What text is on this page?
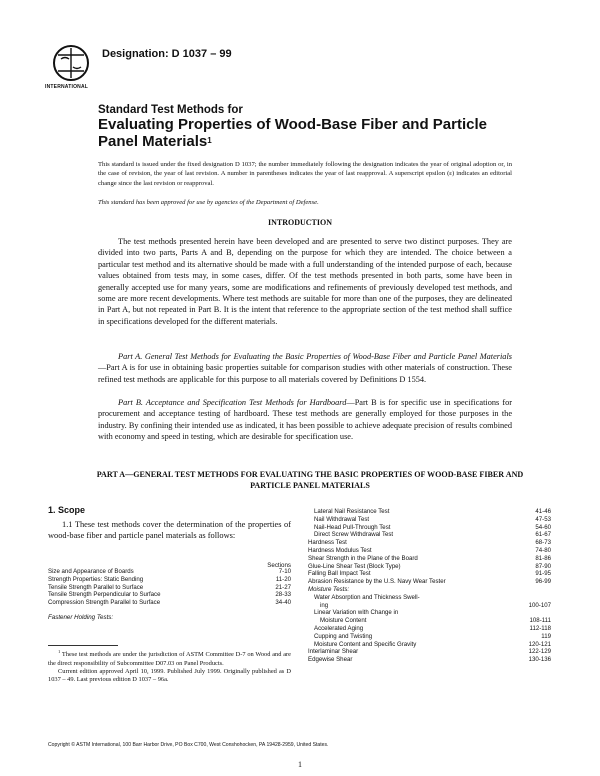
INTERNATIONAL
Designation: D 1037 – 99
Standard Test Methods for
Evaluating Properties of Wood-Base Fiber and Particle Panel Materials$^1$
This standard is issued under the fixed designation D 1037; the number immediately following the designation indicates the year of original adoption or, in the case of revision, the year of last revision. A number in parentheses indicates the year of last reapproval. A superscript epsilon (ε) indicates an editorial change since the last revision or reapproval.
This standard has been approved for use by agencies of the Department of Defense.
INTRODUCTION
The test methods presented herein have been developed and are presented to serve two distinct purposes. They are divided into two parts, Parts A and B, depending on the purpose for which they are intended. The choice between a particular test method and its alternative should be made with a full understanding of the intended purpose of each, because values obtained from tests may, in some cases, differ. Of the test methods presented in both parts, some have been in generally accepted use for many years, some are modifications and refinements of previously developed test methods, and some are more recent developments. Where test methods are suitable for more than one of the purposes, they are delineated in Part A, but not repeated in Part B. It is the intent that reference to the appropriate section of the test method shall suffice in specifications developed for the different materials.
Part A. General Test Methods for Evaluating the Basic Properties of Wood-Base Fiber and Particle Panel Materials—Part A is for use in obtaining basic properties suitable for comparison studies with other materials of construction. These refined test methods are applicable for this purpose to all materials covered by Definitions D 1554.
Part B. Acceptance and Specification Test Methods for Hardboard—Part B is for specific use in specifications for procurement and acceptance testing of hardboard. These test methods are generally employed for those purposes in the industry. By confining their intended use as indicated, it has been possible to achieve adequate precision of results combined with economy and speed in testing, which are desirable for specification use.
PART A—GENERAL TEST METHODS FOR EVALUATING THE BASIC PROPERTIES OF WOOD-BASE FIBER AND PARTICLE PANEL MATERIALS
1. Scope
1.1 These test methods cover the determination of the properties of wood-base fiber and particle panel materials as follows:
Sections
Size and Appearance of Boards	7-10
Strength Properties: Static Bending	11-20
Tensile Strength Parallel to Surface	21-27
Tensile Strength Perpendicular to Surface	28-33
Compression Strength Parallel to Surface	34-40
Fastener Holding Tests:

$^1$ These test methods are under the jurisdiction of ASTM Committee D-7 on Wood and are the direct responsibility of Subcommittee D07.03 on Panel Products.

Current edition approved April 10, 1999. Published July 1999. Originally published as D 1037 – 49. Last previous edition D 1037 – 96a.

Lateral Nail Resistance Test	41-46
Nail Withdrawal Test	47-53
Nail-Head Pull-Through Test	54-60
Direct Screw Withdrawal Test	61-67
Hardness Test	68-73
Hardness Modulus Test	74-80
Shear Strength in the Plane of the Board	81-86
Glue-Line Shear Test (Block Type)	87-90
Falling Ball Impact Test	91-95
Abrasion Resistance by the U.S. Navy Wear Tester	96-99
Moisture Tests:
Water Absorption and Thickness Swell-
ing	100-107
Linear Variation with Change in
Moisture Content	108-111
Accelerated Aging	112-118
Cupping and Twisting	119
Moisture Content and Specific Gravity	120-121
Interlaminar Shear	122-129
Edgewise Shear	130-136
Copyright © ASTM International, 100 Barr Harbor Drive, PO Box C700, West Conshohocken, PA 19428-2959, United States.
1
